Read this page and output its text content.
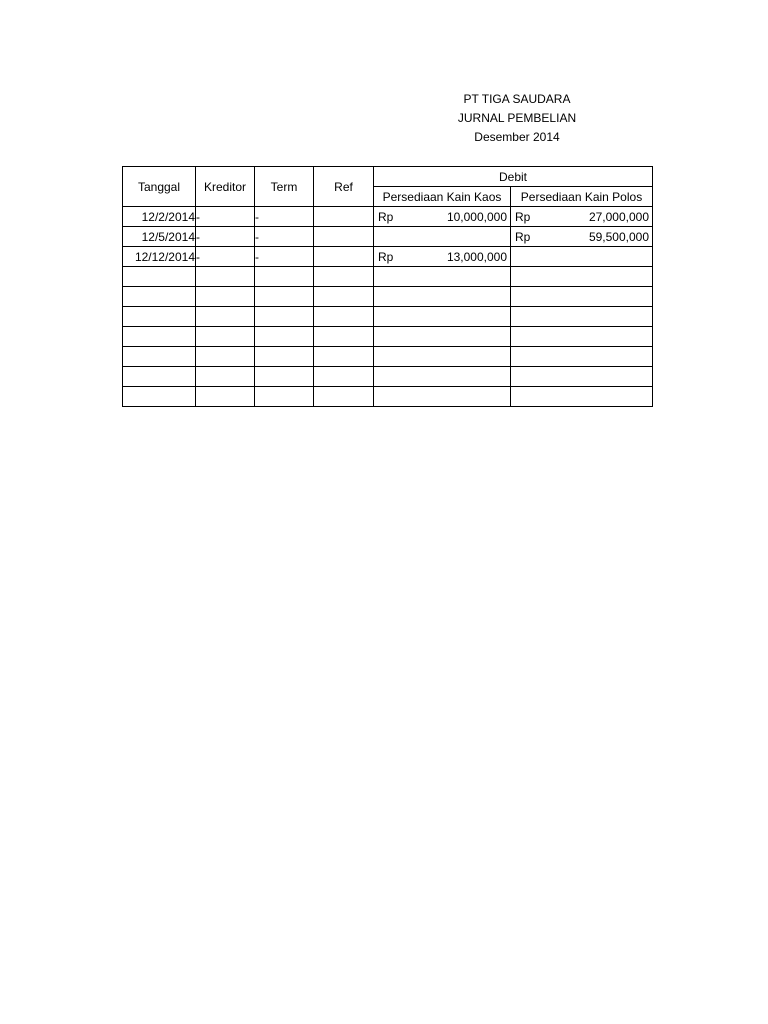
PT TIGA SAUDARA
JURNAL PEMBELIAN
Desember 2014
Tanggal	Kreditor	Term	Ref	Debit	
				Persediaan Kain Kaos	Persediaan Kain Polos
12/2/2014	-	-		Rp 10,000,000	Rp 27,000,000

12/5/2014	-	-			Rp 59,500,000

12/12/2014	-	-		Rp 13,000,000	
